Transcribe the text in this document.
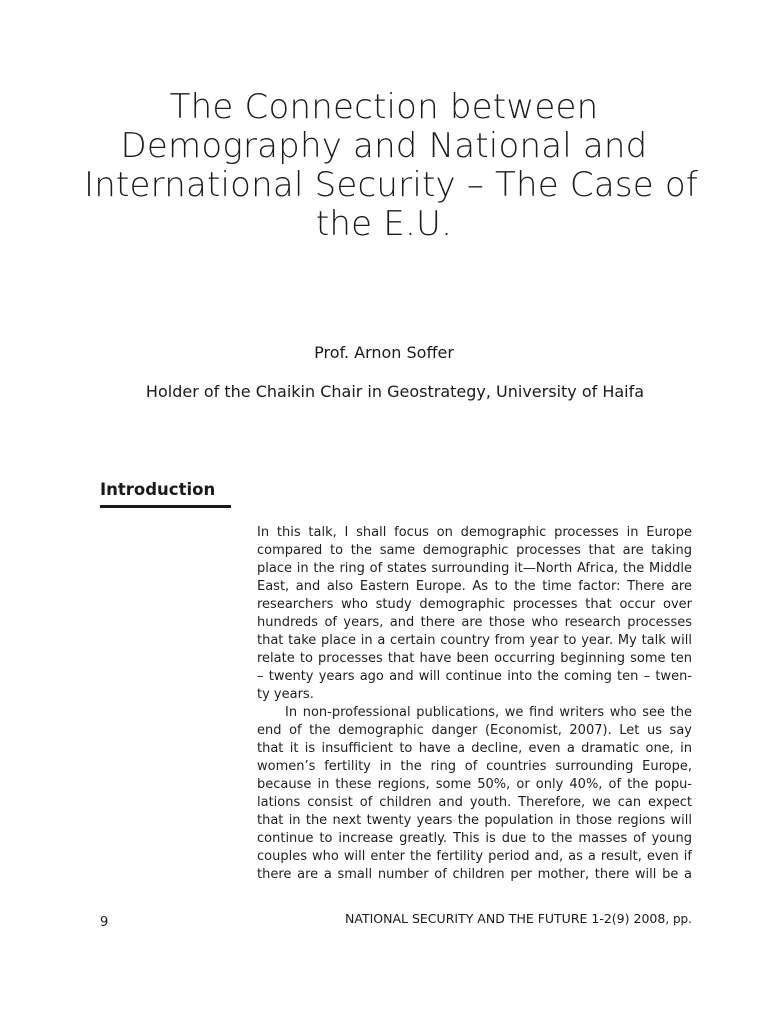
The Connection between
Demography and National and
International Security – The Case of
the E.U.
Prof. Arnon Soffer
Holder of the Chaikin Chair in Geostrategy, University of Haifa
Introduction
In this talk, I shall focus on demographic processes in Europe
compared to the same demographic processes that are taking
place in the ring of states surrounding it—North Africa, the Middle
East, and also Eastern Europe. As to the time factor: There are
researchers who study demographic processes that occur over
hundreds of years, and there are those who research processes
that take place in a certain country from year to year. My talk will
relate to processes that have been occurring beginning some ten
– twenty years ago and will continue into the coming ten – twen-
ty years.
In non-professional publications, we find writers who see the
end of the demographic danger (Economist, 2007). Let us say
that it is insufficient to have a decline, even a dramatic one, in
women’s fertility in the ring of countries surrounding Europe,
because in these regions, some 50%, or only 40%, of the popu-
lations consist of children and youth. Therefore, we can expect
that in the next twenty years the population in those regions will
continue to increase greatly. This is due to the masses of young
couples who will enter the fertility period and, as a result, even if
there are a small number of children per mother, there will be a
9	NATIONAL SECURITY AND THE FUTURE 1-2(9) 2008, pp.
